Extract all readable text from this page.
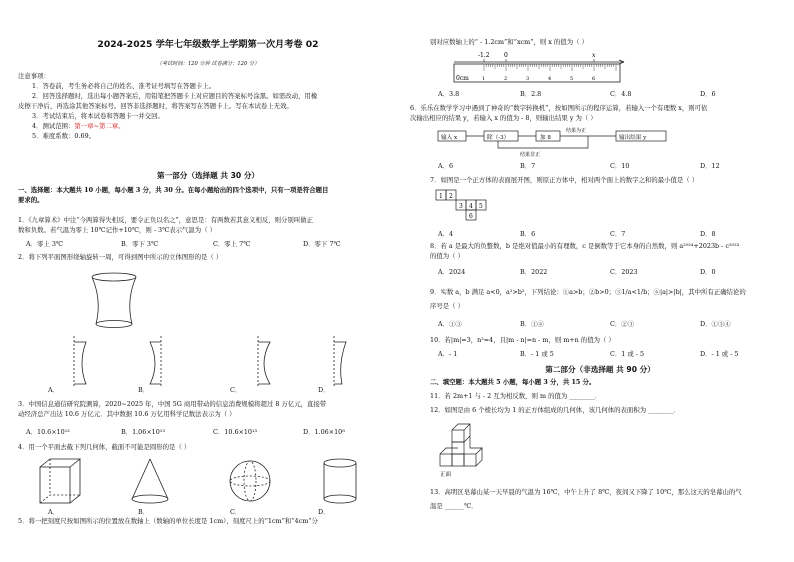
2024-2025 学年七年级数学上学期第一次月考卷 02
（考试时间：120 分钟 试卷满分：120 分）
注意事项：
1．答卷前，考生务必将自己的姓名、准考证号填写在答题卡上。
2．回答选择题时，选出每小题答案后，用铅笔把答题卡上对应题目的答案标号涂黑。如需改动，用橡
皮擦干净后，再选涂其他答案标号。回答非选择题时，将答案写在答题卡上。写在本试卷上无效。
3．考试结束后，将本试卷和答题卡一并交回。
4．测试范围：第一章~第二章。
5．难度系数：0.69。
第一部分（选择题 共 30 分）
一、选择题：本大题共 10 小题，每小题 3 分，共 30 分。在每小题给出的四个选项中，只有一项是符合题目
要求的。
1．《九章算术》中注“今两算得失相反，要令正负以名之”，意思是：有两数若其意义相反，则分别叫做正
数和负数。若气温为零上 10℃记作+10℃，则 - 3℃表示气温为（ ）
A．零上 3℃	B．零下 3℃	C．零上 7℃	D．零下 7℃
2．将下列平面图形绕轴旋转一周，可得到图中所示的立体图形的是（ ）
A．	B．	C．	D．
3．中国信息通信研究院测算，2020~2025 年，中国 5G 商用带动的信息消费规模将超过 8 万亿元，直接带
动经济总产出达 10.6 万亿元．其中数据 10.6 万亿用科学记数法表示为（ ）
A．10.6×10¹²	B．1.06×10¹³	C．10.6×10¹³	D．1.06×10⁸
4．用一个平面去截下列几何体，截面不可能是圆形的是（ ）
A．	B．	C．	D．
5．将一把刻度尺按如图所示的位置放在数轴上（数轴的单位长度是 1cm），刻度尺上的“1cm”和“4cm”分
别对应数轴上的“ - 1.2cm”和“xcm”，则 x 的值为（ ）
-1.2 0	x
0cm	1	2	3	4	5	6
A．3.8	B．2.8	C．4.8	D．6
6．乐乐在数学学习中遇到了神奇的“数字转换机”，按如图所示的程序运算，若输入一个有理数 x，则可依
次输出相应的结果 y，若输入 x 的值为 - 8，则输出结果 y 为（ ）
输入 x	除（-3）	加 8
结果为正
输出结果 y
结果非正
A．6	B．7	C．10	D．12
7．如图是一个正方体的表面展开图，则原正方体中，相对两个面上的数字之和的最小值是（ ）
1 2
3 4 5
6
A．4	B．6	C．7	D．8
8．若 a 是最大的负整数，b 是绝对值最小的有理数，c 是倒数等于它本身的自然数，则 a²⁰²⁴+2023b - c²⁰²³
的值为（ ）
A．2024	B．2022	C．2023	D．0
9．实数 a，b 满足 a<0，a²>b²，下列结论：①a>b；②b>0；③1/a<1/b；④|a|>|b|，其中所有正确结论的
序号是（ ）
A．①③	B．①④	C．②③	D．①③④
10．若|m|=3，n²=4，且|m - n|=n - m，则 m+n 的值为（ ）
A．- 1	B．- 1 或 5	C．1 或 - 5	D．- 1 或 - 5
第二部分（非选择题 共 90 分）
二、填空题：本大题共 5 小题，每小题 3 分，共 15 分。
11．若 2m+1 与 - 2 互为相反数，则 m 的值为 ________．
12．如图是由 6 个棱长均为 1 的正方体组成的几何体，该几何体的表面积为 ________．
正面
13．高明区皂幕山某一天早晨的气温为 16℃，中午上升了 8℃，夜间又下降了 10℃，那么这天的皂幕山的气
温是 ______℃．
